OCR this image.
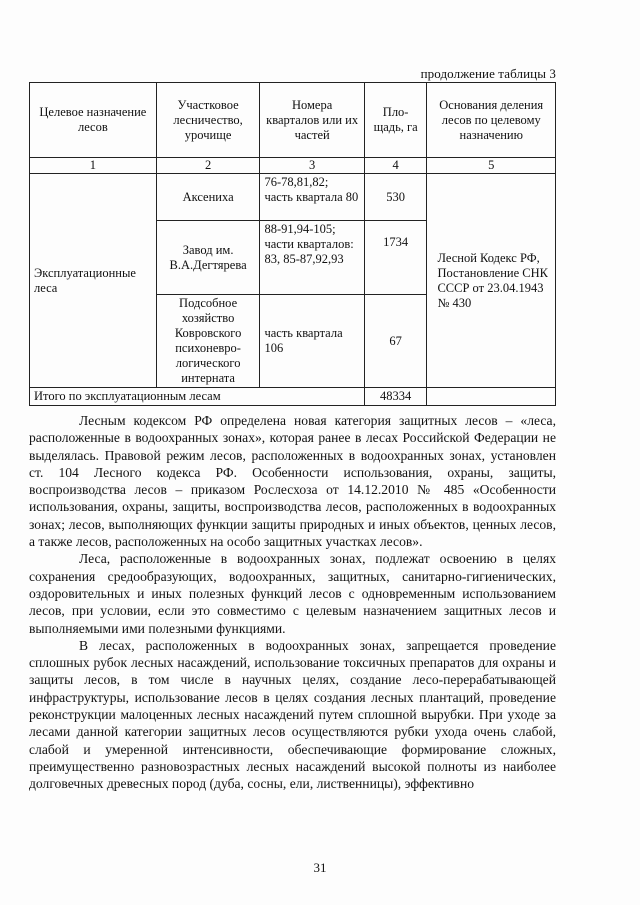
продолжение таблицы 3
Целевое назначение лесов	Участковое лесничество, урочище	Номера кварталов или их частей	Пло-щадь, га	Основания деления лесов по целевому назначению
1	2	3	4	5
Эксплуатационные леса	Аксениха	76-78,81,82; часть квартала 80	530	Лесной Кодекс РФ, Постановление СНК СССР от 23.04.1943 № 430
	Завод им. В.А.Дегтярева	88-91,94-105; части кварталов: 83, 85-87,92,93	1734	
	Подсобное хозяйство Ковровского психоневро-логического интерната	часть квартала 106	67	
Итого по эксплуатационным лесам			48334	

Лесным кодексом РФ определена новая категория защитных лесов – «леса, расположенные в водоохранных зонах», которая ранее в лесах Российской Федерации не выделялась. Правовой режим лесов, расположенных в водоохранных зонах, установлен ст. 104 Лесного кодекса РФ. Особенности использования, охраны, защиты, воспроизводства лесов – приказом Рослесхоза от 14.12.2010 № 485 «Особенности использования, охраны, защиты, воспроизводства лесов, расположенных в водоохранных зонах; лесов, выполняющих функции защиты природных и иных объектов, ценных лесов, а также лесов, расположенных на особо защитных участках лесов».

Леса, расположенные в водоохранных зонах, подлежат освоению в целях сохранения средообразующих, водоохранных, защитных, санитарно-гигиенических, оздоровительных и иных полезных функций лесов с одновременным использованием лесов, при условии, если это совместимо с целевым назначением защитных лесов и выполняемыми ими полезными функциями.

В лесах, расположенных в водоохранных зонах, запрещается проведение сплошных рубок лесных насаждений, использование токсичных препаратов для охраны и защиты лесов, в том числе в научных целях, создание лесо-перерабатывающей инфраструктуры, использование лесов в целях создания лесных плантаций, проведение реконструкции малоценных лесных насаждений путем сплошной вырубки. При уходе за лесами данной категории защитных лесов осуществляются рубки ухода очень слабой, слабой и умеренной интенсивности, обеспечивающие формирование сложных, преимущественно разновозрастных лесных насаждений высокой полноты из наиболее долговечных древесных пород (дуба, сосны, ели, лиственницы), эффективно

31
